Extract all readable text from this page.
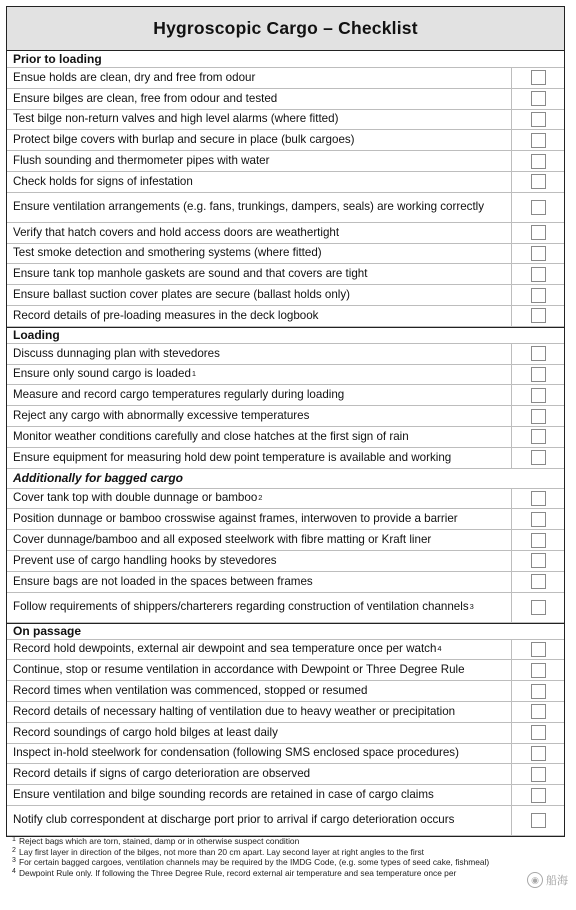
Hygroscopic Cargo – Checklist
Prior to loading
Ensue holds are clean, dry and free from odour
Ensure bilges are clean, free from odour and tested
Test bilge non-return valves and high level alarms (where fitted)
Protect bilge covers with burlap and secure in place (bulk cargoes)
Flush sounding and thermometer pipes with water
Check holds for signs of infestation
Ensure ventilation arrangements (e.g. fans, trunkings, dampers, seals) are working correctly
Verify that hatch covers and hold access doors are weathertight
Test smoke detection and smothering systems (where fitted)
Ensure tank top manhole gaskets are sound and that covers are tight
Ensure ballast suction cover plates are secure (ballast holds only)
Record details of pre-loading measures in the deck logbook
Loading
Discuss dunnaging plan with stevedores
Ensure only sound cargo is loaded 1
Measure and record cargo temperatures regularly during loading
Reject any cargo with abnormally excessive temperatures
Monitor weather conditions carefully and close hatches at the first sign of rain
Ensure equipment for measuring hold dew point temperature is available and working
Additionally for bagged cargo
Cover tank top with double dunnage or bamboo 2
Position dunnage or bamboo crosswise against frames, interwoven to provide a barrier
Cover dunnage/bamboo and all exposed steelwork with fibre matting or Kraft liner
Prevent use of cargo handling hooks by stevedores
Ensure bags are not loaded in the spaces between frames
Follow requirements of shippers/charterers regarding construction of ventilation channels 3
On passage
Record hold dewpoints, external air dewpoint and sea temperature once per watch 4
Continue, stop or resume ventilation in accordance with Dewpoint or Three Degree Rule
Record times when ventilation was commenced, stopped or resumed
Record details of necessary halting of ventilation due to heavy weather or precipitation
Record soundings of cargo hold bilges at least daily
Inspect in-hold steelwork for condensation (following SMS enclosed space procedures)
Record details if signs of cargo deterioration are observed
Ensure ventilation and bilge sounding records are retained in case of cargo claims
Notify club correspondent at discharge port prior to arrival if cargo deterioration occurs
1 Reject bags which are torn, stained, damp or in otherwise suspect condition
2 Lay first layer in direction of the bilges, not more than 20 cm apart. Lay second layer at right angles to the first
3 For certain bagged cargoes, ventilation channels may be required by the IMDG Code, (e.g. some types of seed cake, fishmeal)
4 Dewpoint Rule only. If following the Three Degree Rule, record external air temperature and sea temperature once per
◉ 船海
